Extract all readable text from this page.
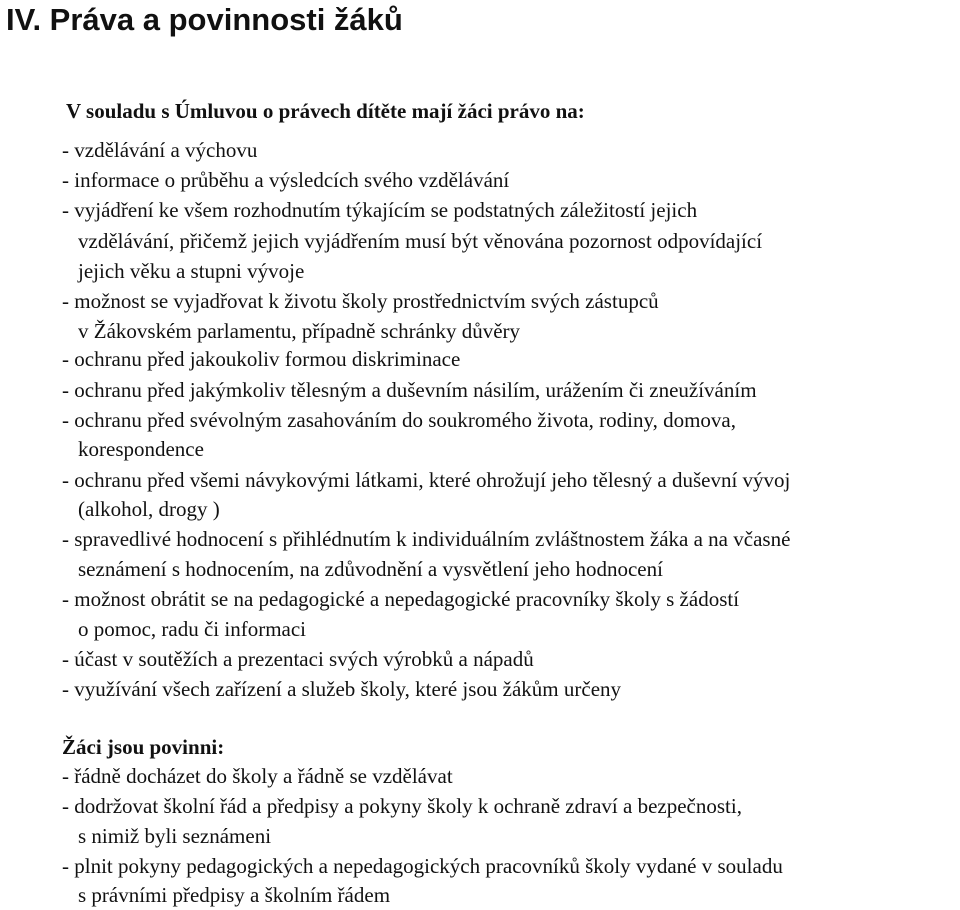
IV. Práva a povinnosti žáků

V souladu s Úmluvou o právech dítěte mají žáci právo na:

- vzdělávání a výchovu

- informace o průběhu a výsledcích svého vzdělávání

- vyjádření ke všem rozhodnutím týkajícím se podstatných záležitostí jejich

vzdělávání, přičemž jejich vyjádřením musí být věnována pozornost odpovídající

jejich věku a stupni vývoje

- možnost se vyjadřovat k životu školy prostřednictvím svých zástupců

v Žákovském parlamentu, případně schránky důvěry

- ochranu před jakoukoliv formou diskriminace

- ochranu před jakýmkoliv tělesným a duševním násilím, urážením či zneužíváním

- ochranu před svévolným zasahováním do soukromého života, rodiny, domova,

korespondence

- ochranu před všemi návykovými látkami, které ohrožují jeho tělesný a duševní vývoj

(alkohol, drogy )

- spravedlivé hodnocení s přihlédnutím k individuálním zvláštnostem žáka a na včasné

seznámení s hodnocením, na zdůvodnění a vysvětlení jeho hodnocení

- možnost obrátit se na pedagogické a nepedagogické pracovníky školy s žádostí

o pomoc, radu či informaci

- účast v soutěžích a prezentaci svých výrobků a nápadů

- využívání všech zařízení a služeb školy, které jsou žákům určeny

Žáci jsou povinni:

- řádně docházet do školy a řádně se vzdělávat

- dodržovat školní řád a předpisy a pokyny školy k ochraně zdraví a bezpečnosti,

s nimiž byli seznámeni

- plnit pokyny pedagogických a nepedagogických pracovníků školy vydané v souladu

s právními předpisy a školním řádem
